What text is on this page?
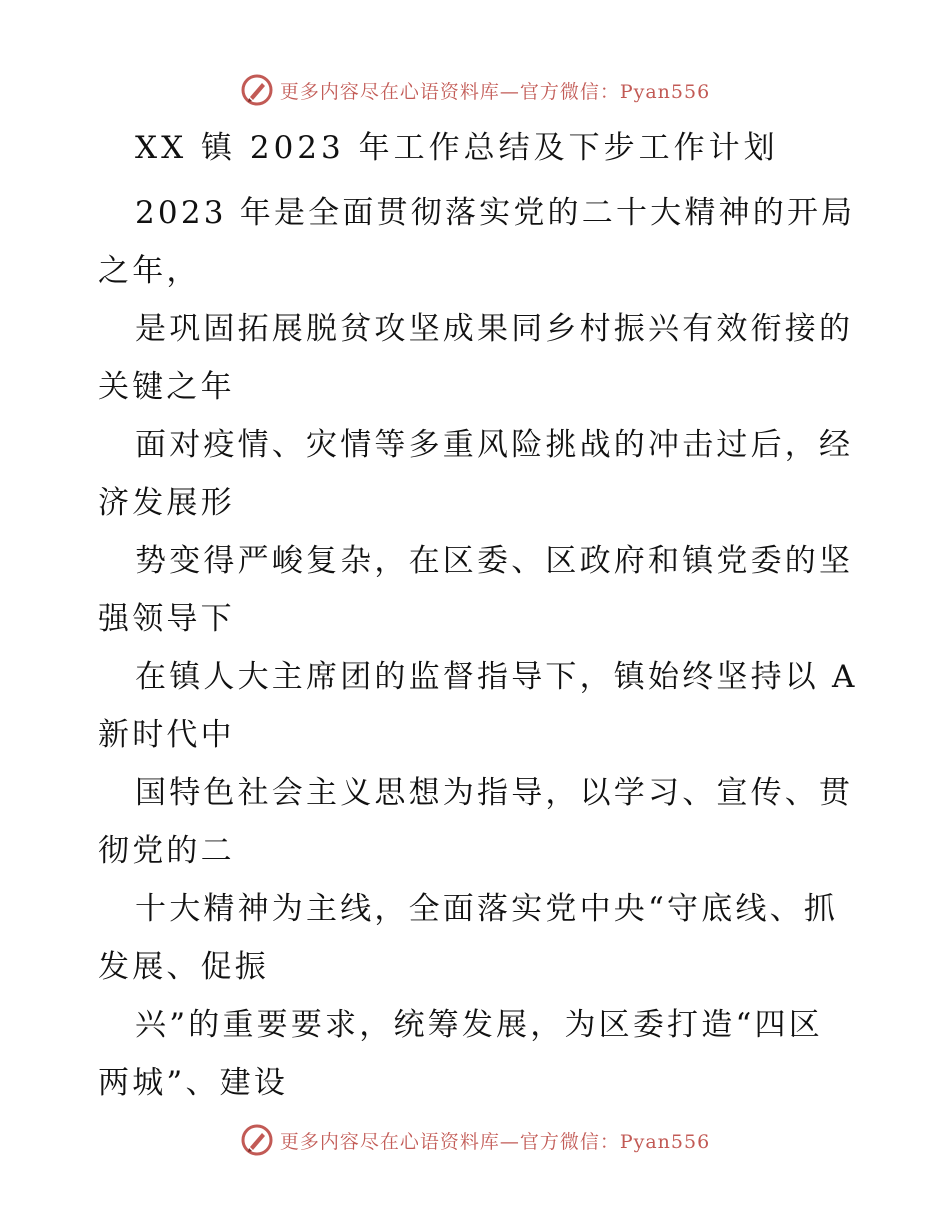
更多内容尽在心语资料库—官方微信：Pyan556
XX 镇 2023 年工作总结及下步工作计划
2023 年是全面贯彻落实党的二十大精神的开局
之年，
是巩固拓展脱贫攻坚成果同乡村振兴有效衔接的
关键之年
面对疫情、灾情等多重风险挑战的冲击过后，经
济发展形
势变得严峻复杂，在区委、区政府和镇党委的坚
强领导下
在镇人大主席团的监督指导下，镇始终坚持以 A
新时代中
国特色社会主义思想为指导，以学习、宣传、贯
彻党的二
十大精神为主线，全面落实党中央“守底线、抓
发展、促振
兴”的重要要求，统筹发展，为区委打造“四区
两城”、建设
更多内容尽在心语资料库—官方微信：Pyan556
